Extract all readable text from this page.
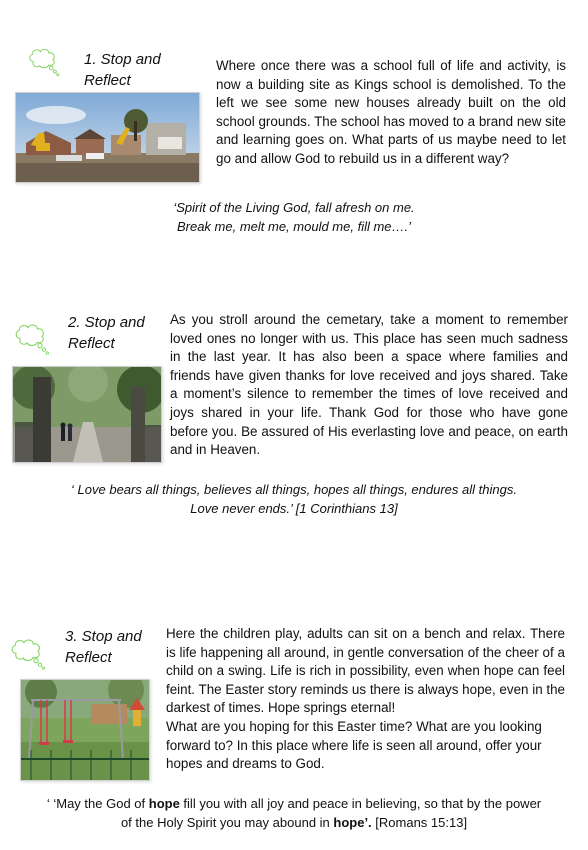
1. Stop and
Reflect
Where once there was a school full of life and activity, is now a building site as Kings school is demolished. To the left we see some new houses already built on the old school grounds. The school has moved to a brand new site and learning goes on. What parts of us maybe need to let go and allow God to rebuild us in a different way?
‘Spirit of the Living God, fall afresh on me.
Break me, melt me, mould me, fill me….’
2. Stop and
Reflect
As you stroll around the cemetary, take a moment to remember loved ones no longer with us. This place has seen much sadness in the last year. It has also been a space where families and friends have given thanks for love received and joys shared. Take a moment’s silence to remember the times of love received and joys shared in your life. Thank God for those who have gone before you. Be assured of His everlasting love and peace, on earth and in Heaven.
‘ Love bears all things, believes all things, hopes all things, endures all things.
Love never ends.’ [1 Corinthians 13]
3. Stop and
Reflect
Here the children play, adults can sit on a bench and relax. There is life happening all around, in gentle conversation of the cheer of a child on a swing. Life is rich in possibility, even when hope can feel feint. The Easter story reminds us there is always hope, even in the darkest of times. Hope springs eternal!
What are you hoping for this Easter time? What are you looking forward to? In this place where life is seen all around, offer your hopes and dreams to God.
‘ ‘May the God of hope fill you with all joy and peace in believing, so that by the power
of the Holy Spirit you may abound in hope’. [Romans 15:13]
